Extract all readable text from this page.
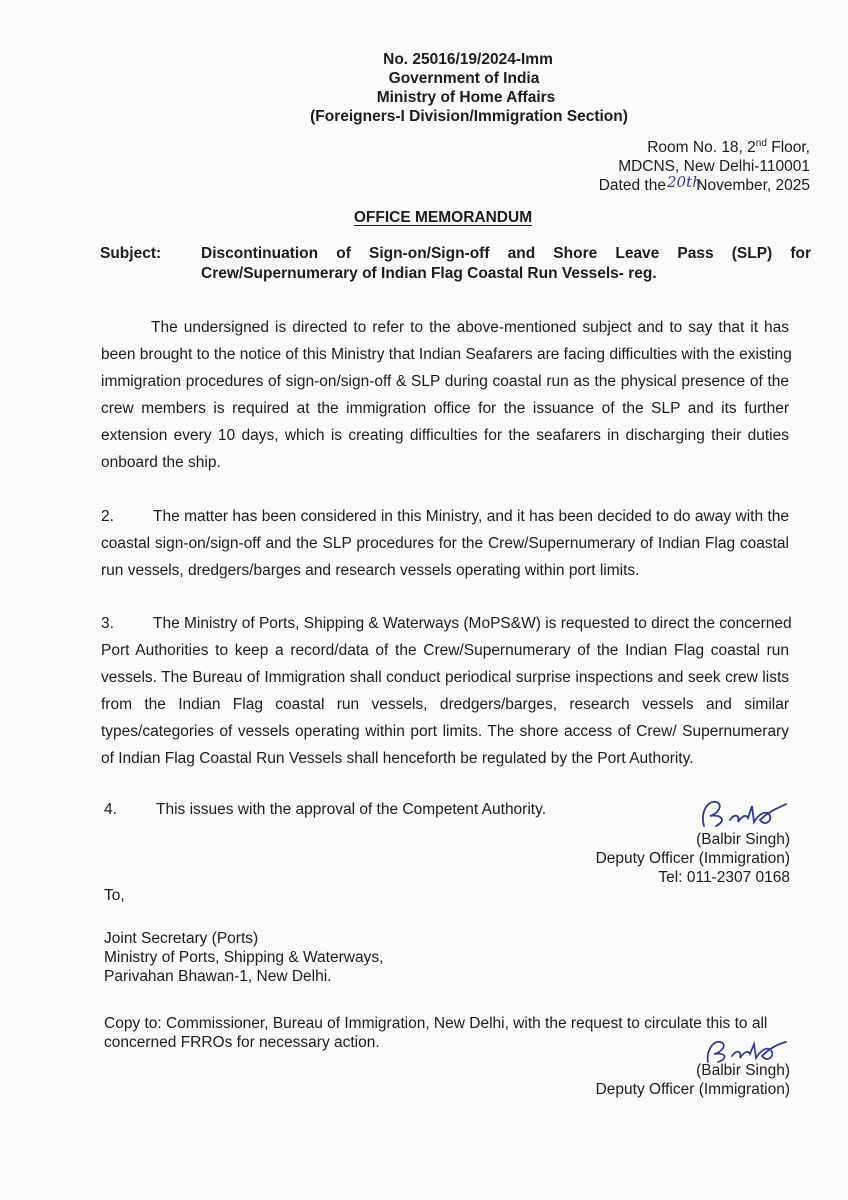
No. 25016/19/2024-Imm
Government of India
Ministry of Home Affairs
(Foreigners-I Division/Immigration Section)
Room No. 18, 2nd Floor,
MDCNS, New Delhi-110001
Dated the November, 2025
20th
OFFICE MEMORANDUM
Subject:	Discontinuation of Sign-on/Sign-off and Shore Leave Pass (SLP) for
Crew/Supernumerary of Indian Flag Coastal Run Vessels- reg.
The undersigned is directed to refer to the above-mentioned subject and to say that it has
been brought to the notice of this Ministry that Indian Seafarers are facing difficulties with the existing
immigration procedures of sign-on/sign-off & SLP during coastal run as the physical presence of the
crew members is required at the immigration office for the issuance of the SLP and its further
extension every 10 days, which is creating difficulties for the seafarers in discharging their duties
onboard the ship.
2.	The matter has been considered in this Ministry, and it has been decided to do away with the
coastal sign-on/sign-off and the SLP procedures for the Crew/Supernumerary of Indian Flag coastal
run vessels, dredgers/barges and research vessels operating within port limits.
3.	The Ministry of Ports, Shipping & Waterways (MoPS&W) is requested to direct the concerned
Port Authorities to keep a record/data of the Crew/Supernumerary of the Indian Flag coastal run
vessels. The Bureau of Immigration shall conduct periodical surprise inspections and seek crew lists
from the Indian Flag coastal run vessels, dredgers/barges, research vessels and similar
types/categories of vessels operating within port limits. The shore access of Crew/ Supernumerary
of Indian Flag Coastal Run Vessels shall henceforth be regulated by the Port Authority.
4.	This issues with the approval of the Competent Authority.
Balbir
(Balbir Singh)
Deputy Officer (Immigration)
Tel: 011-2307 0168
To,
Joint Secretary (Ports)
Ministry of Ports, Shipping & Waterways,
Parivahan Bhawan-1, New Delhi.
Copy to: Commissioner, Bureau of Immigration, New Delhi, with the request to circulate this to all
concerned FRROs for necessary action.
(Balbir Singh)
Deputy Officer (Immigration)
